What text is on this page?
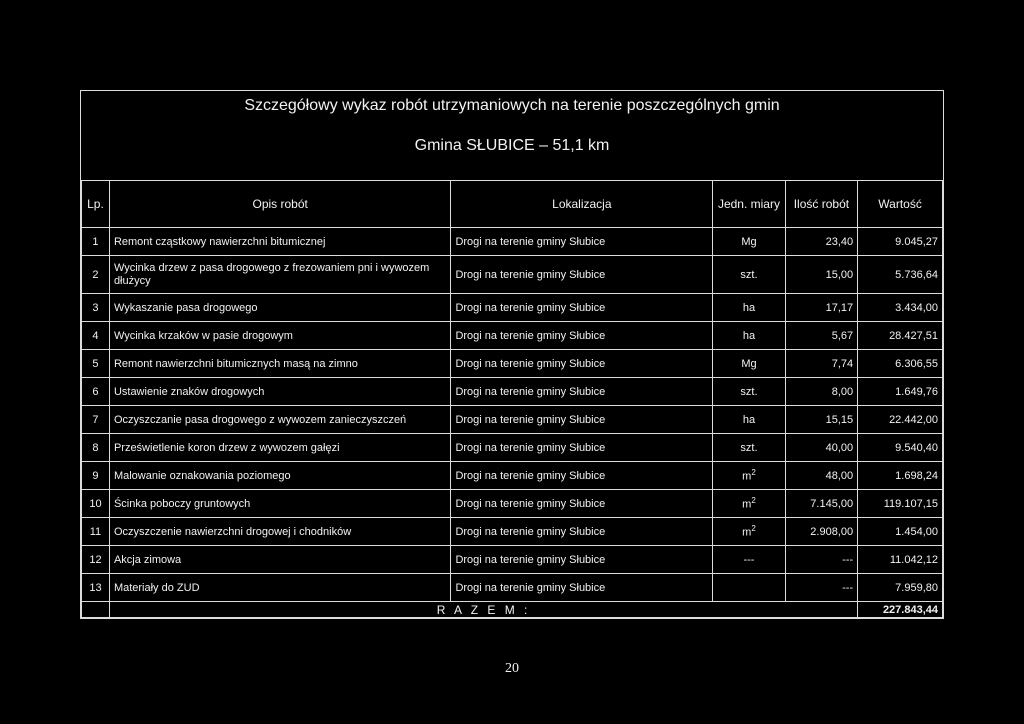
Szczegółowy wykaz robót utrzymaniowych na terenie poszczególnych gmin
Gmina SŁUBICE – 51,1 km
Lp.	Opis robót	Lokalizacja	Jedn. miary	Ilość robót	Wartość
1	Remont cząstkowy nawierzchni bitumicznej	Drogi na terenie gminy Słubice	Mg	23,40	9.045,27
2	Wycinka drzew z pasa drogowego z frezowaniem pni i wywozem dłużycy	Drogi na terenie gminy Słubice	szt.	15,00	5.736,64
3	Wykaszanie pasa drogowego	Drogi na terenie gminy Słubice	ha	17,17	3.434,00
4	Wycinka krzaków w pasie drogowym	Drogi na terenie gminy Słubice	ha	5,67	28.427,51
5	Remont nawierzchni bitumicznych masą na zimno	Drogi na terenie gminy Słubice	Mg	7,74	6.306,55
6	Ustawienie znaków drogowych	Drogi na terenie gminy Słubice	szt.	8,00	1.649,76
7	Oczyszczanie pasa drogowego z wywozem zanieczyszczeń	Drogi na terenie gminy Słubice	ha	15,15	22.442,00
8	Prześwietlenie koron drzew z wywozem gałęzi	Drogi na terenie gminy Słubice	szt.	40,00	9.540,40
9	Malowanie oznakowania poziomego	Drogi na terenie gminy Słubice	$m^2$	48,00	1.698,24
10	Ścinka poboczy gruntowych	Drogi na terenie gminy Słubice	$m^2$	7.145,00	119.107,15
11	Oczyszczenie nawierzchni drogowej i chodników	Drogi na terenie gminy Słubice	$m^2$	2.908,00	1.454,00
12	Akcja zimowa	Drogi na terenie gminy Słubice	---	---	11.042,12
13	Materiały do ZUD	Drogi na terenie gminy Słubice		---	7.959,80
	R A Z E M :				227.843,44
20
